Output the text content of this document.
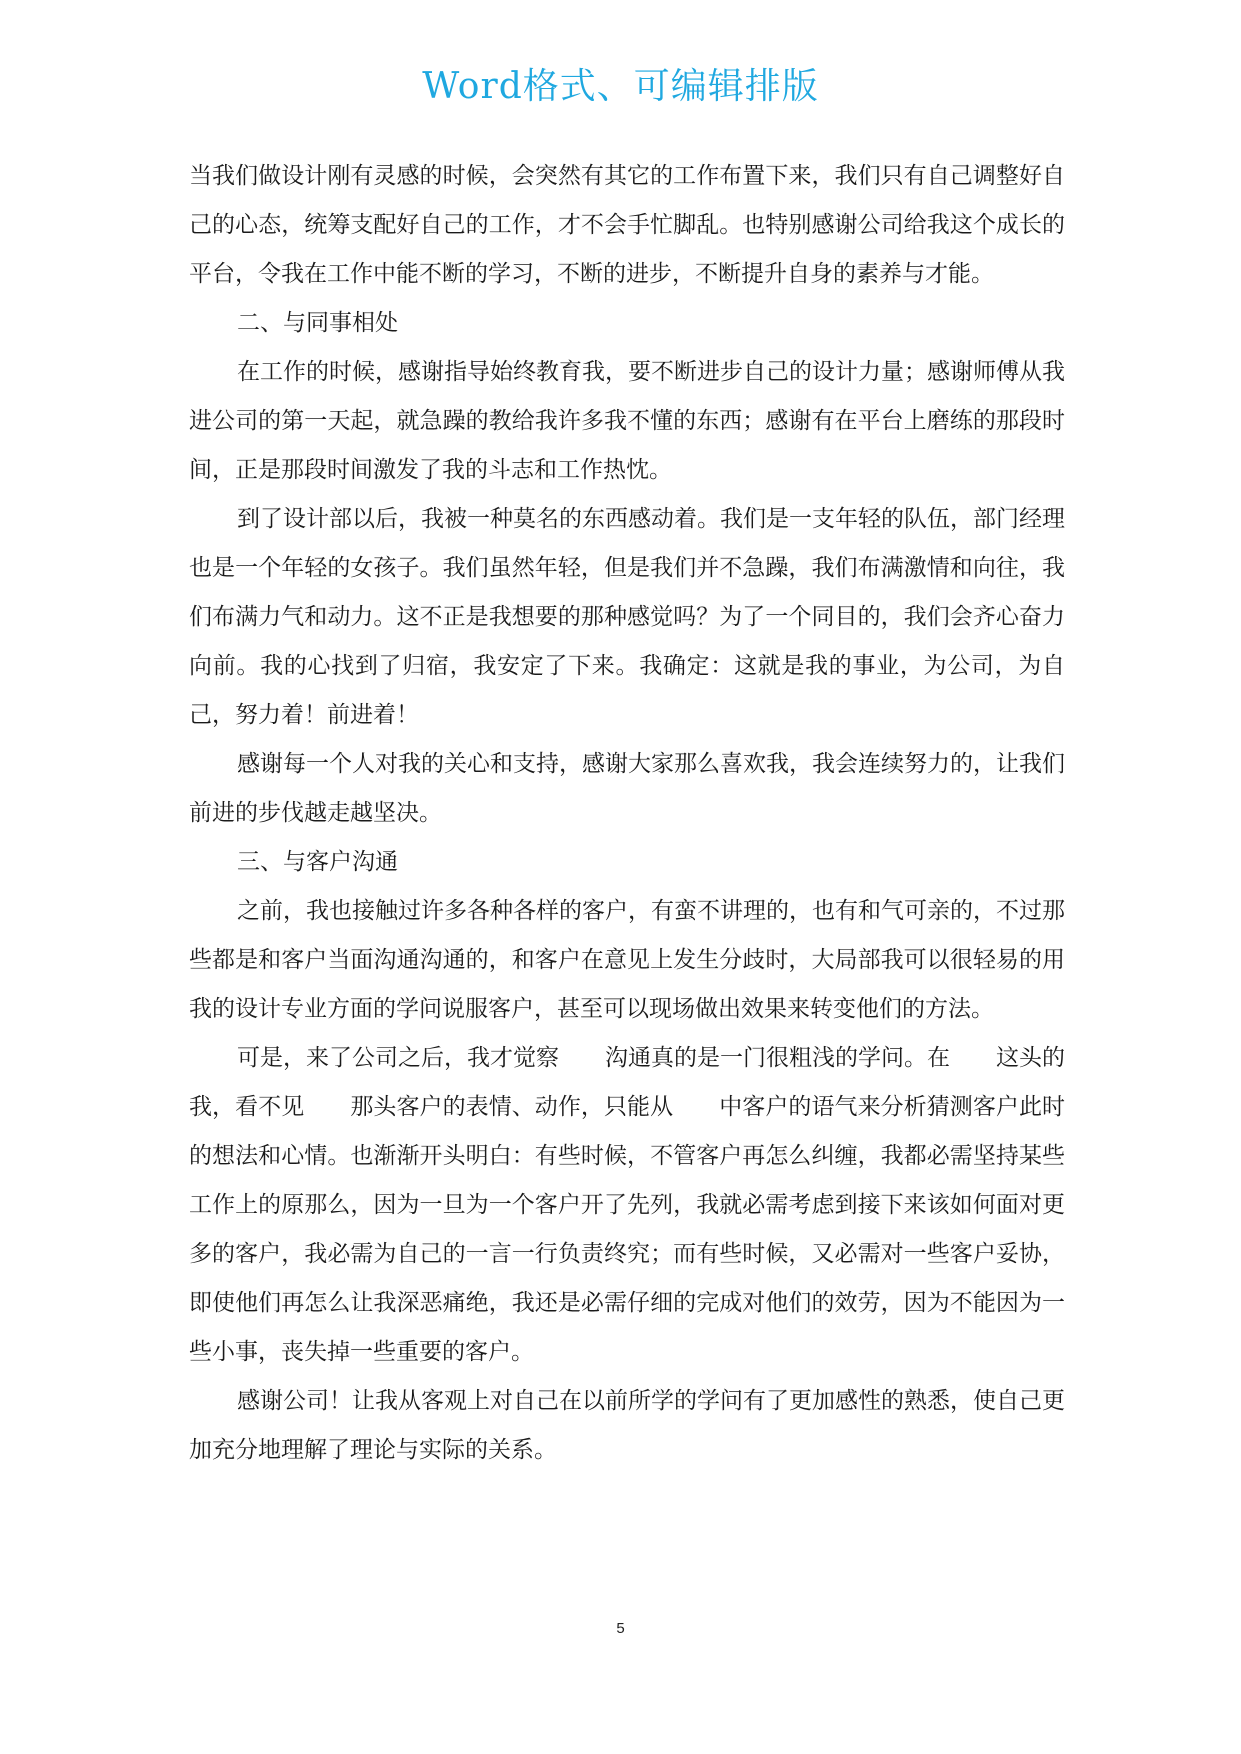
Word格式、可编辑排版

当我们做设计刚有灵感的时候，会突然有其它的工作布置下来，我们只有自己调整好自己的心态，统筹支配好自己的工作，才不会手忙脚乱。也特别感谢公司给我这个成长的平台，令我在工作中能不断的学习，不断的进步，不断提升自身的素养与才能。

二、与同事相处

在工作的时候，感谢指导始终教育我，要不断进步自己的设计力量；感谢师傅从我进公司的第一天起，就急躁的教给我许多我不懂的东西；感谢有在平台上磨练的那段时间，正是那段时间激发了我的斗志和工作热忱。

到了设计部以后，我被一种莫名的东西感动着。我们是一支年轻的队伍，部门经理也是一个年轻的女孩子。我们虽然年轻，但是我们并不急躁，我们布满激情和向往，我们布满力气和动力。这不正是我想要的那种感觉吗？为了一个同目的，我们会齐心奋力向前。我的心找到了归宿，我安定了下来。我确定：这就是我的事业，为公司，为自己，努力着！前进着！

感谢每一个人对我的关心和支持，感谢大家那么喜欢我，我会连续努力的，让我们前进的步伐越走越坚决。

三、与客户沟通

之前，我也接触过许多各种各样的客户，有蛮不讲理的，也有和气可亲的，不过那些都是和客户当面沟通沟通的，和客户在意见上发生分歧时，大局部我可以很轻易的用我的设计专业方面的学问说服客户，甚至可以现场做出效果来转变他们的方法。

可是，来了公司之后，我才觉察　　沟通真的是一门很粗浅的学问。在　　这头的我，看不见　　那头客户的表情、动作，只能从　　中客户的语气来分析猜测客户此时的想法和心情。也渐渐开头明白：有些时候，不管客户再怎么纠缠，我都必需坚持某些工作上的原那么，因为一旦为一个客户开了先列，我就必需考虑到接下来该如何面对更多的客户，我必需为自己的一言一行负责终究；而有些时候，又必需对一些客户妥协，即使他们再怎么让我深恶痛绝，我还是必需仔细的完成对他们的效劳，因为不能因为一些小事，丧失掉一些重要的客户。

感谢公司！让我从客观上对自己在以前所学的学问有了更加感性的熟悉，使自己更加充分地理解了理论与实际的关系。

5
